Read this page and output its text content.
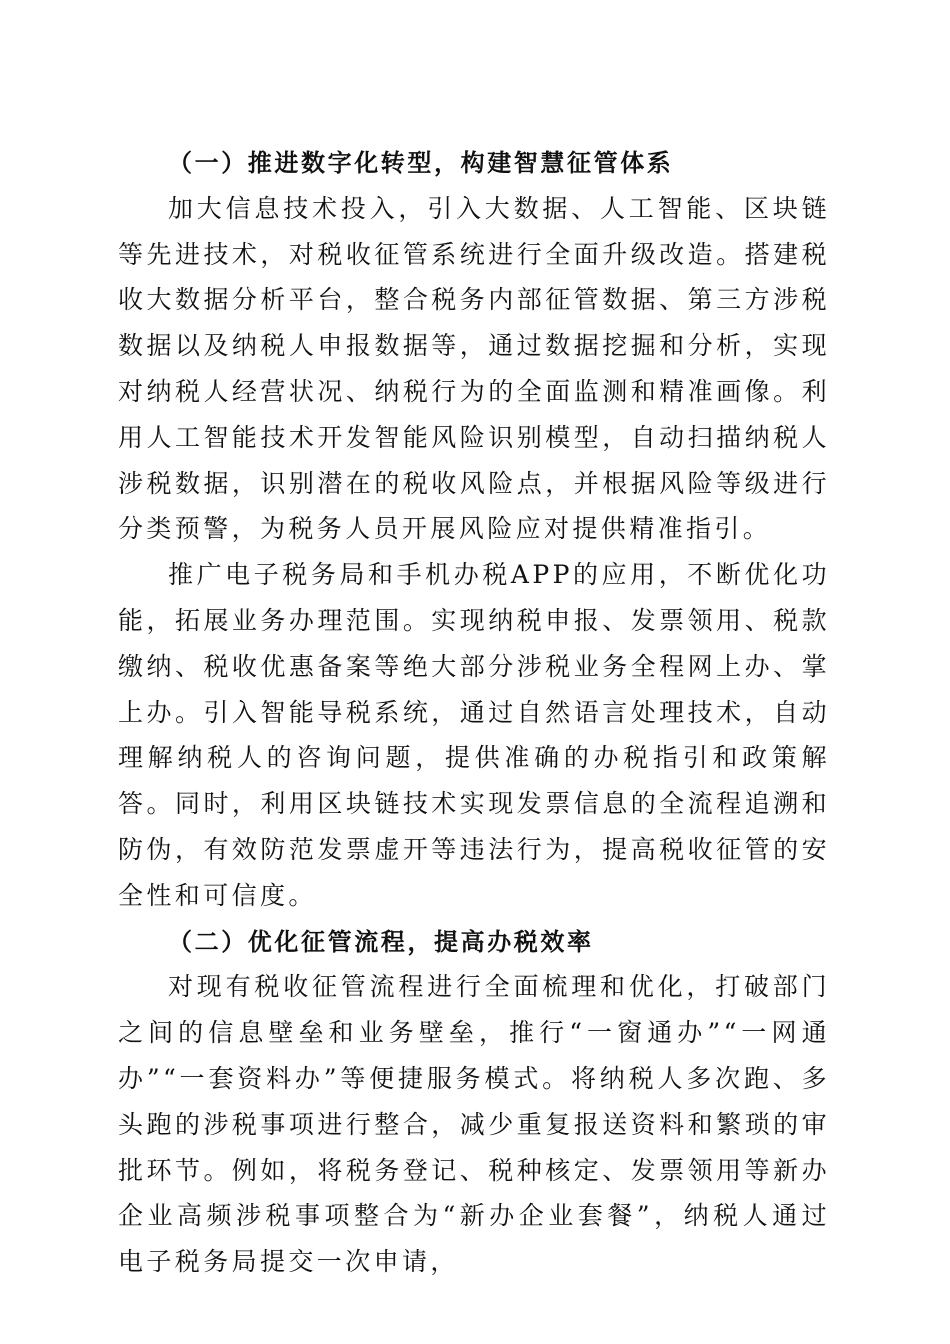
（一）推进数字化转型，构建智慧征管体系

加大信息技术投入，引入大数据、人工智能、区块链等先进技术，对税收征管系统进行全面升级改造。搭建税收大数据分析平台，整合税务内部征管数据、第三方涉税数据以及纳税人申报数据等，通过数据挖掘和分析，实现对纳税人经营状况、纳税行为的全面监测和精准画像。利用人工智能技术开发智能风险识别模型，自动扫描纳税人涉税数据，识别潜在的税收风险点，并根据风险等级进行分类预警，为税务人员开展风险应对提供精准指引。

推广电子税务局和手机办税APP的应用，不断优化功能，拓展业务办理范围。实现纳税申报、发票领用、税款缴纳、税收优惠备案等绝大部分涉税业务全程网上办、掌上办。引入智能导税系统，通过自然语言处理技术，自动理解纳税人的咨询问题，提供准确的办税指引和政策解答。同时，利用区块链技术实现发票信息的全流程追溯和防伪，有效防范发票虚开等违法行为，提高税收征管的安全性和可信度。

（二）优化征管流程，提高办税效率

对现有税收征管流程进行全面梳理和优化，打破部门之间的信息壁垒和业务壁垒，推行“一窗通办”“一网通办”“一套资料办”等便捷服务模式。将纳税人多次跑、多头跑的涉税事项进行整合，减少重复报送资料和繁琐的审批环节。例如，将税务登记、税种核定、发票领用等新办企业高频涉税事项整合为“新办企业套餐”，纳税人通过电子税务局提交一次申请，
